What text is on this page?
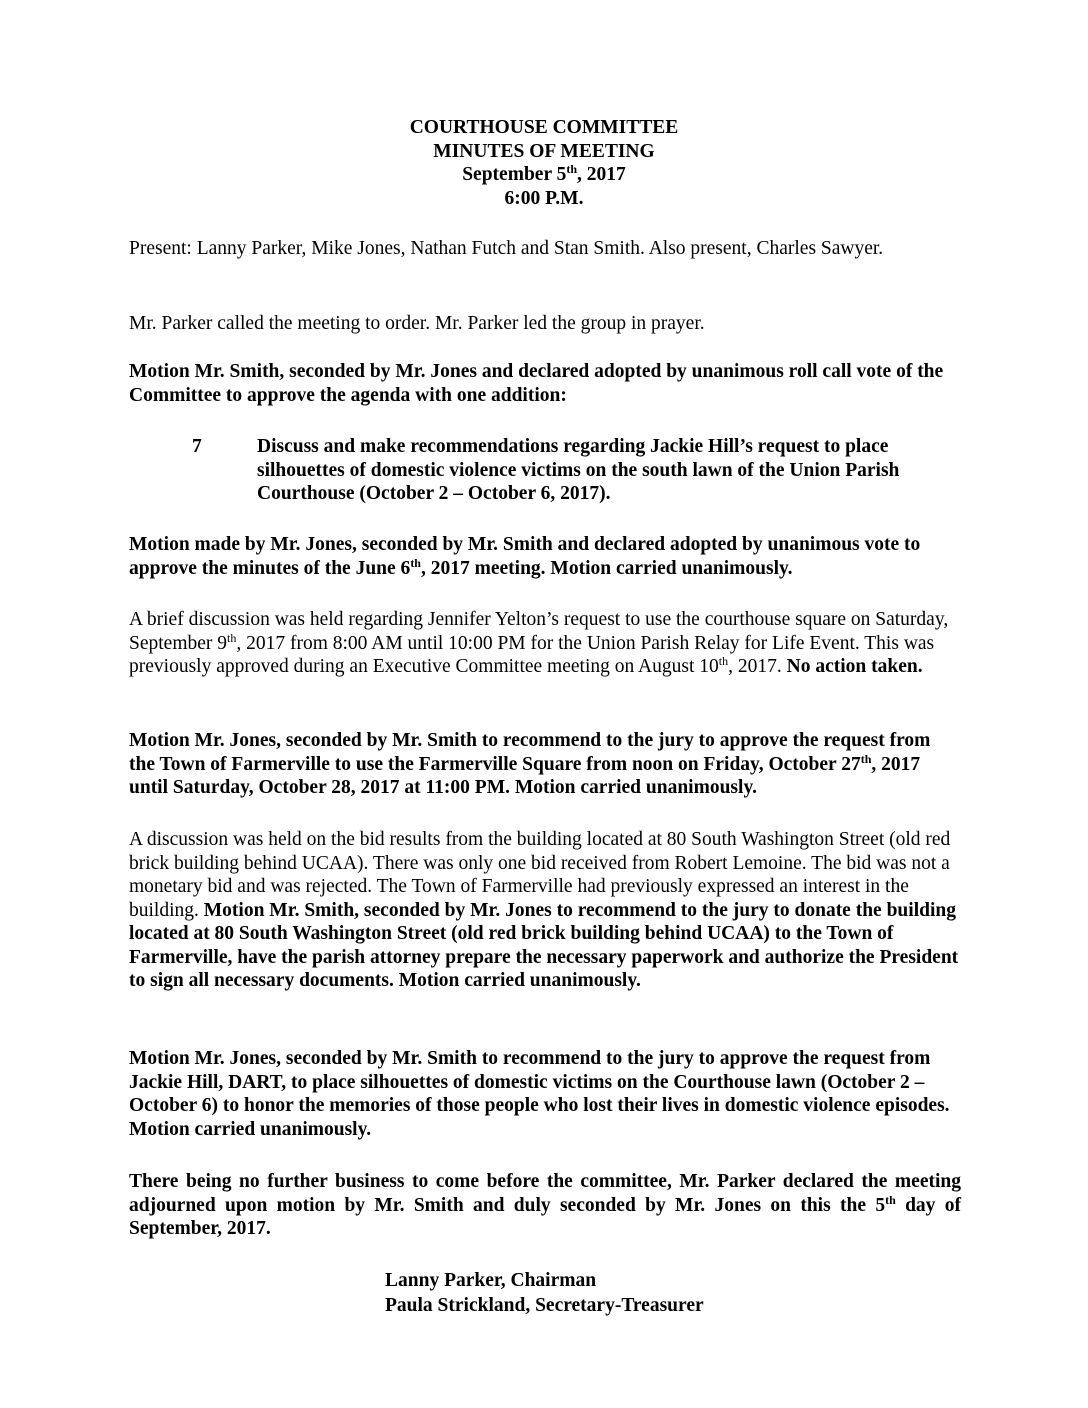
COURTHOUSE COMMITTEE
MINUTES OF MEETING
September 5th, 2017
6:00 P.M.

Present: Lanny Parker, Mike Jones, Nathan Futch and Stan Smith. Also present, Charles Sawyer.

Mr. Parker called the meeting to order. Mr. Parker led the group in prayer.

Motion Mr. Smith, seconded by Mr. Jones and declared adopted by unanimous roll call vote of the Committee to approve the agenda with one addition:

7	Discuss and make recommendations regarding Jackie Hill’s request to place silhouettes of domestic violence victims on the south lawn of the Union Parish Courthouse (October 2 – October 6, 2017).

Motion made by Mr. Jones, seconded by Mr. Smith and declared adopted by unanimous vote to approve the minutes of the June 6th, 2017 meeting. Motion carried unanimously.

A brief discussion was held regarding Jennifer Yelton’s request to use the courthouse square on Saturday, September 9th, 2017 from 8:00 AM until 10:00 PM for the Union Parish Relay for Life Event. This was previously approved during an Executive Committee meeting on August 10th, 2017. No action taken.

Motion Mr. Jones, seconded by Mr. Smith to recommend to the jury to approve the request from the Town of Farmerville to use the Farmerville Square from noon on Friday, October 27th, 2017 until Saturday, October 28, 2017 at 11:00 PM. Motion carried unanimously.

A discussion was held on the bid results from the building located at 80 South Washington Street (old red brick building behind UCAA). There was only one bid received from Robert Lemoine. The bid was not a monetary bid and was rejected. The Town of Farmerville had previously expressed an interest in the building. Motion Mr. Smith, seconded by Mr. Jones to recommend to the jury to donate the building located at 80 South Washington Street (old red brick building behind UCAA) to the Town of Farmerville, have the parish attorney prepare the necessary paperwork and authorize the President to sign all necessary documents. Motion carried unanimously.

Motion Mr. Jones, seconded by Mr. Smith to recommend to the jury to approve the request from Jackie Hill, DART, to place silhouettes of domestic victims on the Courthouse lawn (October 2 – October 6) to honor the memories of those people who lost their lives in domestic violence episodes. Motion carried unanimously.

There being no further business to come before the committee, Mr. Parker declared the meeting adjourned upon motion by Mr. Smith and duly seconded by Mr. Jones on this the 5th day of September, 2017.

Lanny Parker, Chairman
Paula Strickland, Secretary-Treasurer
